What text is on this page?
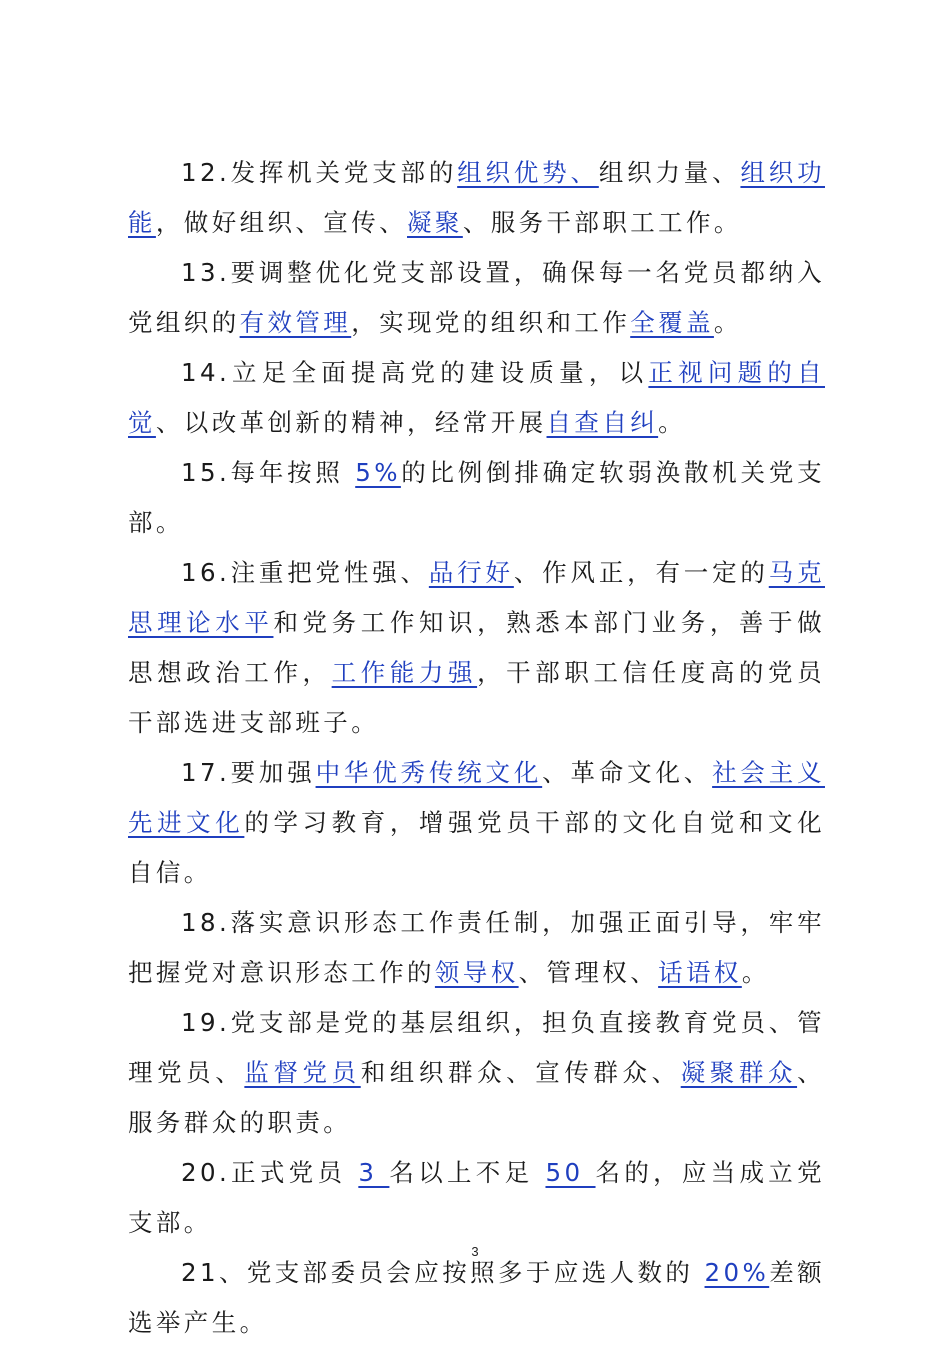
12.发挥机关党支部的组织优势、组织力量、组织功能，做好组织、宣传、凝聚、服务干部职工工作。

13.要调整优化党支部设置，确保每一名党员都纳入党组织的有效管理，实现党的组织和工作全覆盖。

14.立足全面提高党的建设质量，以正视问题的自觉、以改革创新的精神，经常开展自查自纠。

15.每年按照 5%的比例倒排确定软弱涣散机关党支部。

16.注重把党性强、品行好、作风正，有一定的马克思理论水平和党务工作知识，熟悉本部门业务，善于做思想政治工作，工作能力强，干部职工信任度高的党员干部选进支部班子。

17.要加强中华优秀传统文化、革命文化、社会主义先进文化的学习教育，增强党员干部的文化自觉和文化自信。

18.落实意识形态工作责任制，加强正面引导，牢牢把握党对意识形态工作的领导权、管理权、话语权。

19.党支部是党的基层组织，担负直接教育党员、管理党员、监督党员和组织群众、宣传群众、凝聚群众、服务群众的职责。

20.正式党员 3 名以上不足 50 名的，应当成立党支部。

21、党支部委员会应按照多于应选人数的 20%差额选举产生。

3
